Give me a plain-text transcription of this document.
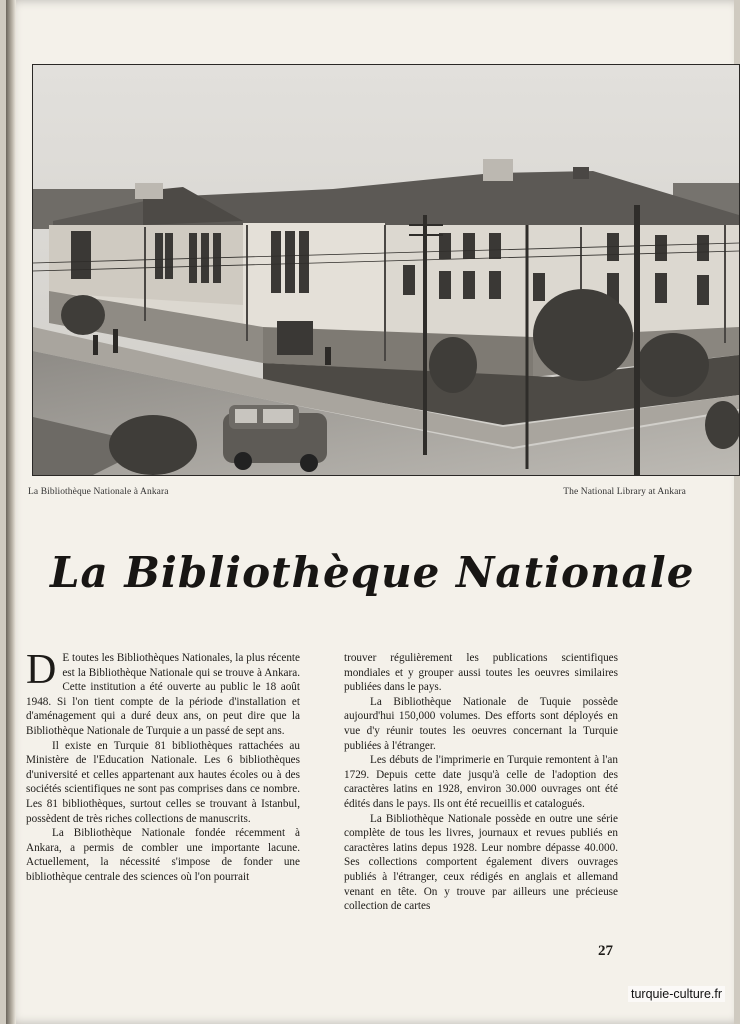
La Bibliothèque Nationale à Ankara	The National Library at Ankara
La Bibliothèque Nationale

D E toutes les Bibliothèques Nationales, la plus récente est la Bibliothèque Nationale qui se trouve à Ankara. Cette institution a été ouverte au public le 18 août 1948. Si l'on tient compte de la période d'installation et d'aménagement qui a duré deux ans, on peut dire que la Bibliothèque Nationale de Turquie a un passé de sept ans.

Il existe en Turquie 81 bibliothèques rattachées au Ministère de l'Education Nationale. Les 6 bibliothèques d'université et celles appartenant aux hautes écoles ou à des sociétés scientifiques ne sont pas comprises dans ce nombre. Les 81 bibliothèques, surtout celles se trouvant à Istanbul, possèdent de très riches collections de manuscrits.

La Bibliothèque Nationale fondée récemment à Ankara, a permis de combler une importante lacune. Actuellement, la nécessité s'impose de fonder une bibliothèque centrale des sciences où l'on pourrait

trouver régulièrement les publications scientifiques mondiales et y grouper aussi toutes les oeuvres similaires publiées dans le pays.

La Bibliothèque Nationale de Tuquie possède aujourd'hui 150,000 volumes. Des efforts sont déployés en vue d'y réunir toutes les oeuvres concernant la Turquie publiées à l'étranger.

Les débuts de l'imprimerie en Turquie remontent à l'an 1729. Depuis cette date jusqu'à celle de l'adoption des caractères latins en 1928, environ 30.000 ouvrages ont été édités dans le pays. Ils ont été recueillis et catalogués.

La Bibliothèque Nationale possède en outre une série complète de tous les livres, journaux et revues publiés en caractères latins depus 1928. Leur nombre dépasse 40.000. Ses collections comportent également divers ouvrages publiés à l'étranger, ceux rédigés en anglais et allemand venant en tête. On y trouve par ailleurs une précieuse collection de cartes

27
turquie-culture.fr
